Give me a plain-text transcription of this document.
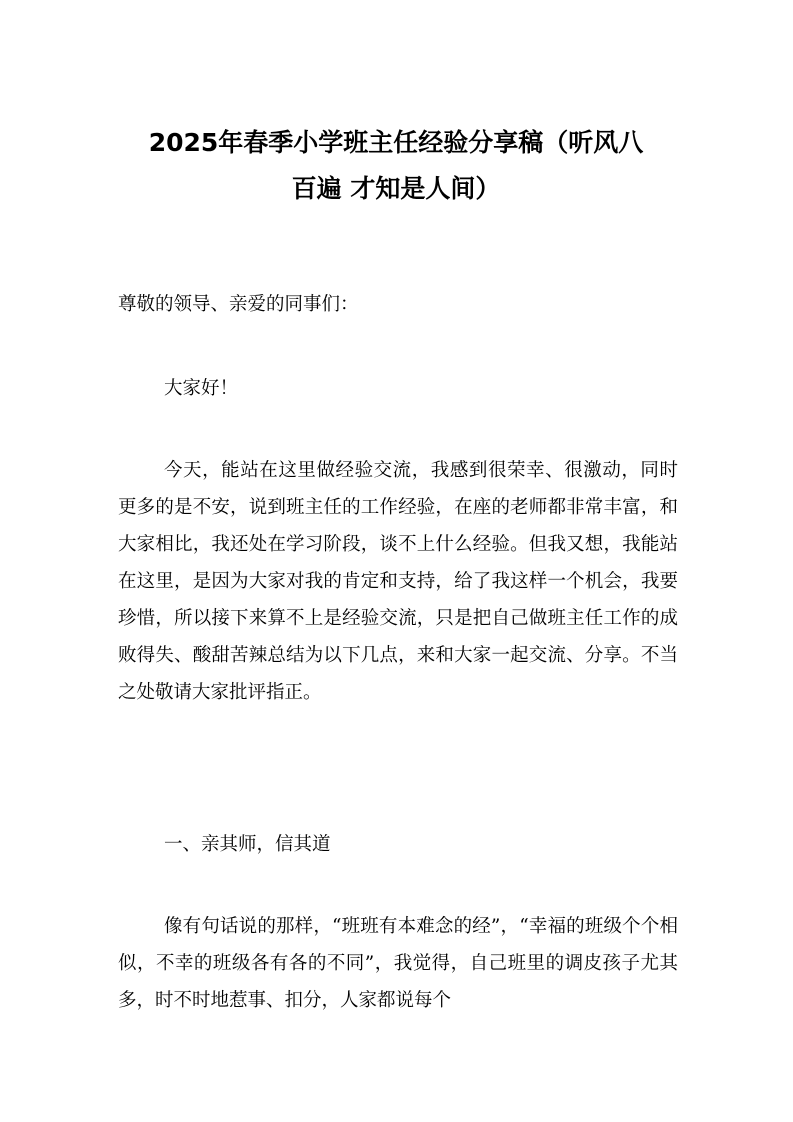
2025年春季小学班主任经验分享稿（听风八
百遍 才知是人间）

尊敬的领导、亲爱的同事们：

大家好！

今天，能站在这里做经验交流，我感到很荣幸、很激动，同时更多的是不安，说到班主任的工作经验，在座的老师都非常丰富，和大家相比，我还处在学习阶段，谈不上什么经验。但我又想，我能站在这里，是因为大家对我的肯定和支持，给了我这样一个机会，我要珍惜，所以接下来算不上是经验交流，只是把自己做班主任工作的成败得失、酸甜苦辣总结为以下几点，来和大家一起交流、分享。不当之处敬请大家批评指正。

一、亲其师，信其道

像有句话说的那样，“班班有本难念的经”，“幸福的班级个个相似，不幸的班级各有各的不同”，我觉得，自己班里的调皮孩子尤其多，时不时地惹事、扣分，人家都说每个
